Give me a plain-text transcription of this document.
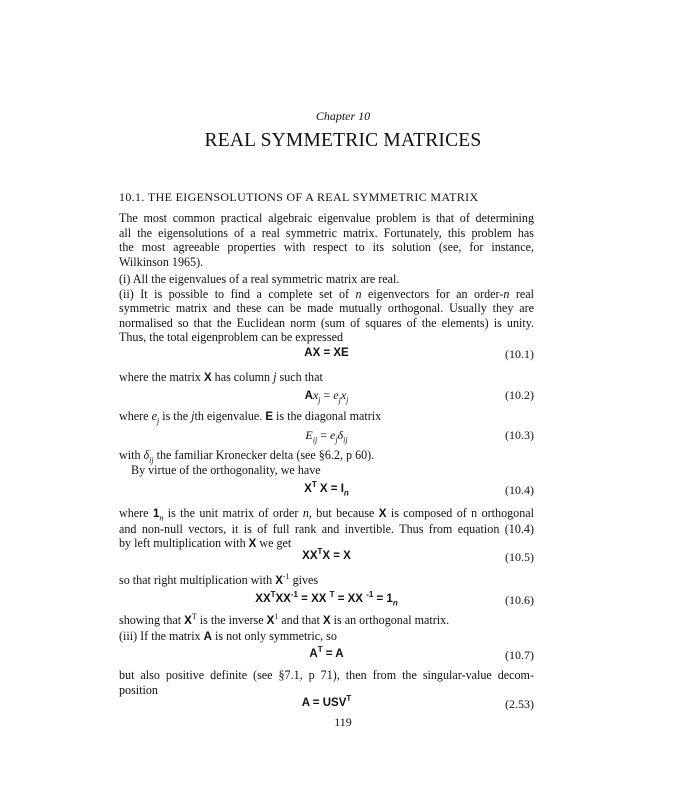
Chapter 10
REAL SYMMETRIC MATRICES
10.1. THE EIGENSOLUTIONS OF A REAL SYMMETRIC MATRIX
The most common practical algebraic eigenvalue problem is that of determining
all the eigensolutions of a real symmetric matrix. Fortunately, this problem has
the most agreeable properties with respect to its solution (see, for instance,
Wilkinson 1965).
(i) All the eigenvalues of a real symmetric matrix are real.
(ii) It is possible to find a complete set of n eigenvectors for an order-n real
symmetric matrix and these can be made mutually orthogonal. Usually they are
normalised so that the Euclidean norm (sum of squares of the elements) is unity.
Thus, the total eigenproblem can be expressed
AX = XE	(10.1)
where the matrix X has column j such that
$Ax_j = e_jx_j$	(10.2)
where $e_j$ is the jth eigenvalue. E is the diagonal matrix
$E_{ij} = e_j\delta_{ij}$	(10.3)
with $\delta_{ij}$ the familiar Kronecker delta (see §6.2, p 60).
By virtue of the orthogonality, we have
$X^T$ $X = I_n$	(10.4)
where $1_n$ is the unit matrix of order n, but because X is composed of n orthogonal
and non-null vectors, it is of full rank and invertible. Thus from equation (10.4)
by left multiplication with X we get
$XX^TX = X$	(10.5)
so that right multiplication with $X^{-1}$ gives
$XX^TXX^{-1}$ = XX $^T$ = XX $^{-1} = 1_n$	(10.6)
showing that $X^T$ is the inverse $X^1$ and that X is an orthogonal matrix.
(iii) If the matrix A is not only symmetric, so
$A^T = A$	(10.7)
but also positive definite (see §7.1, p 71), then from the singular-value decom-
position
$A = USV^T$	(2.53)
119
